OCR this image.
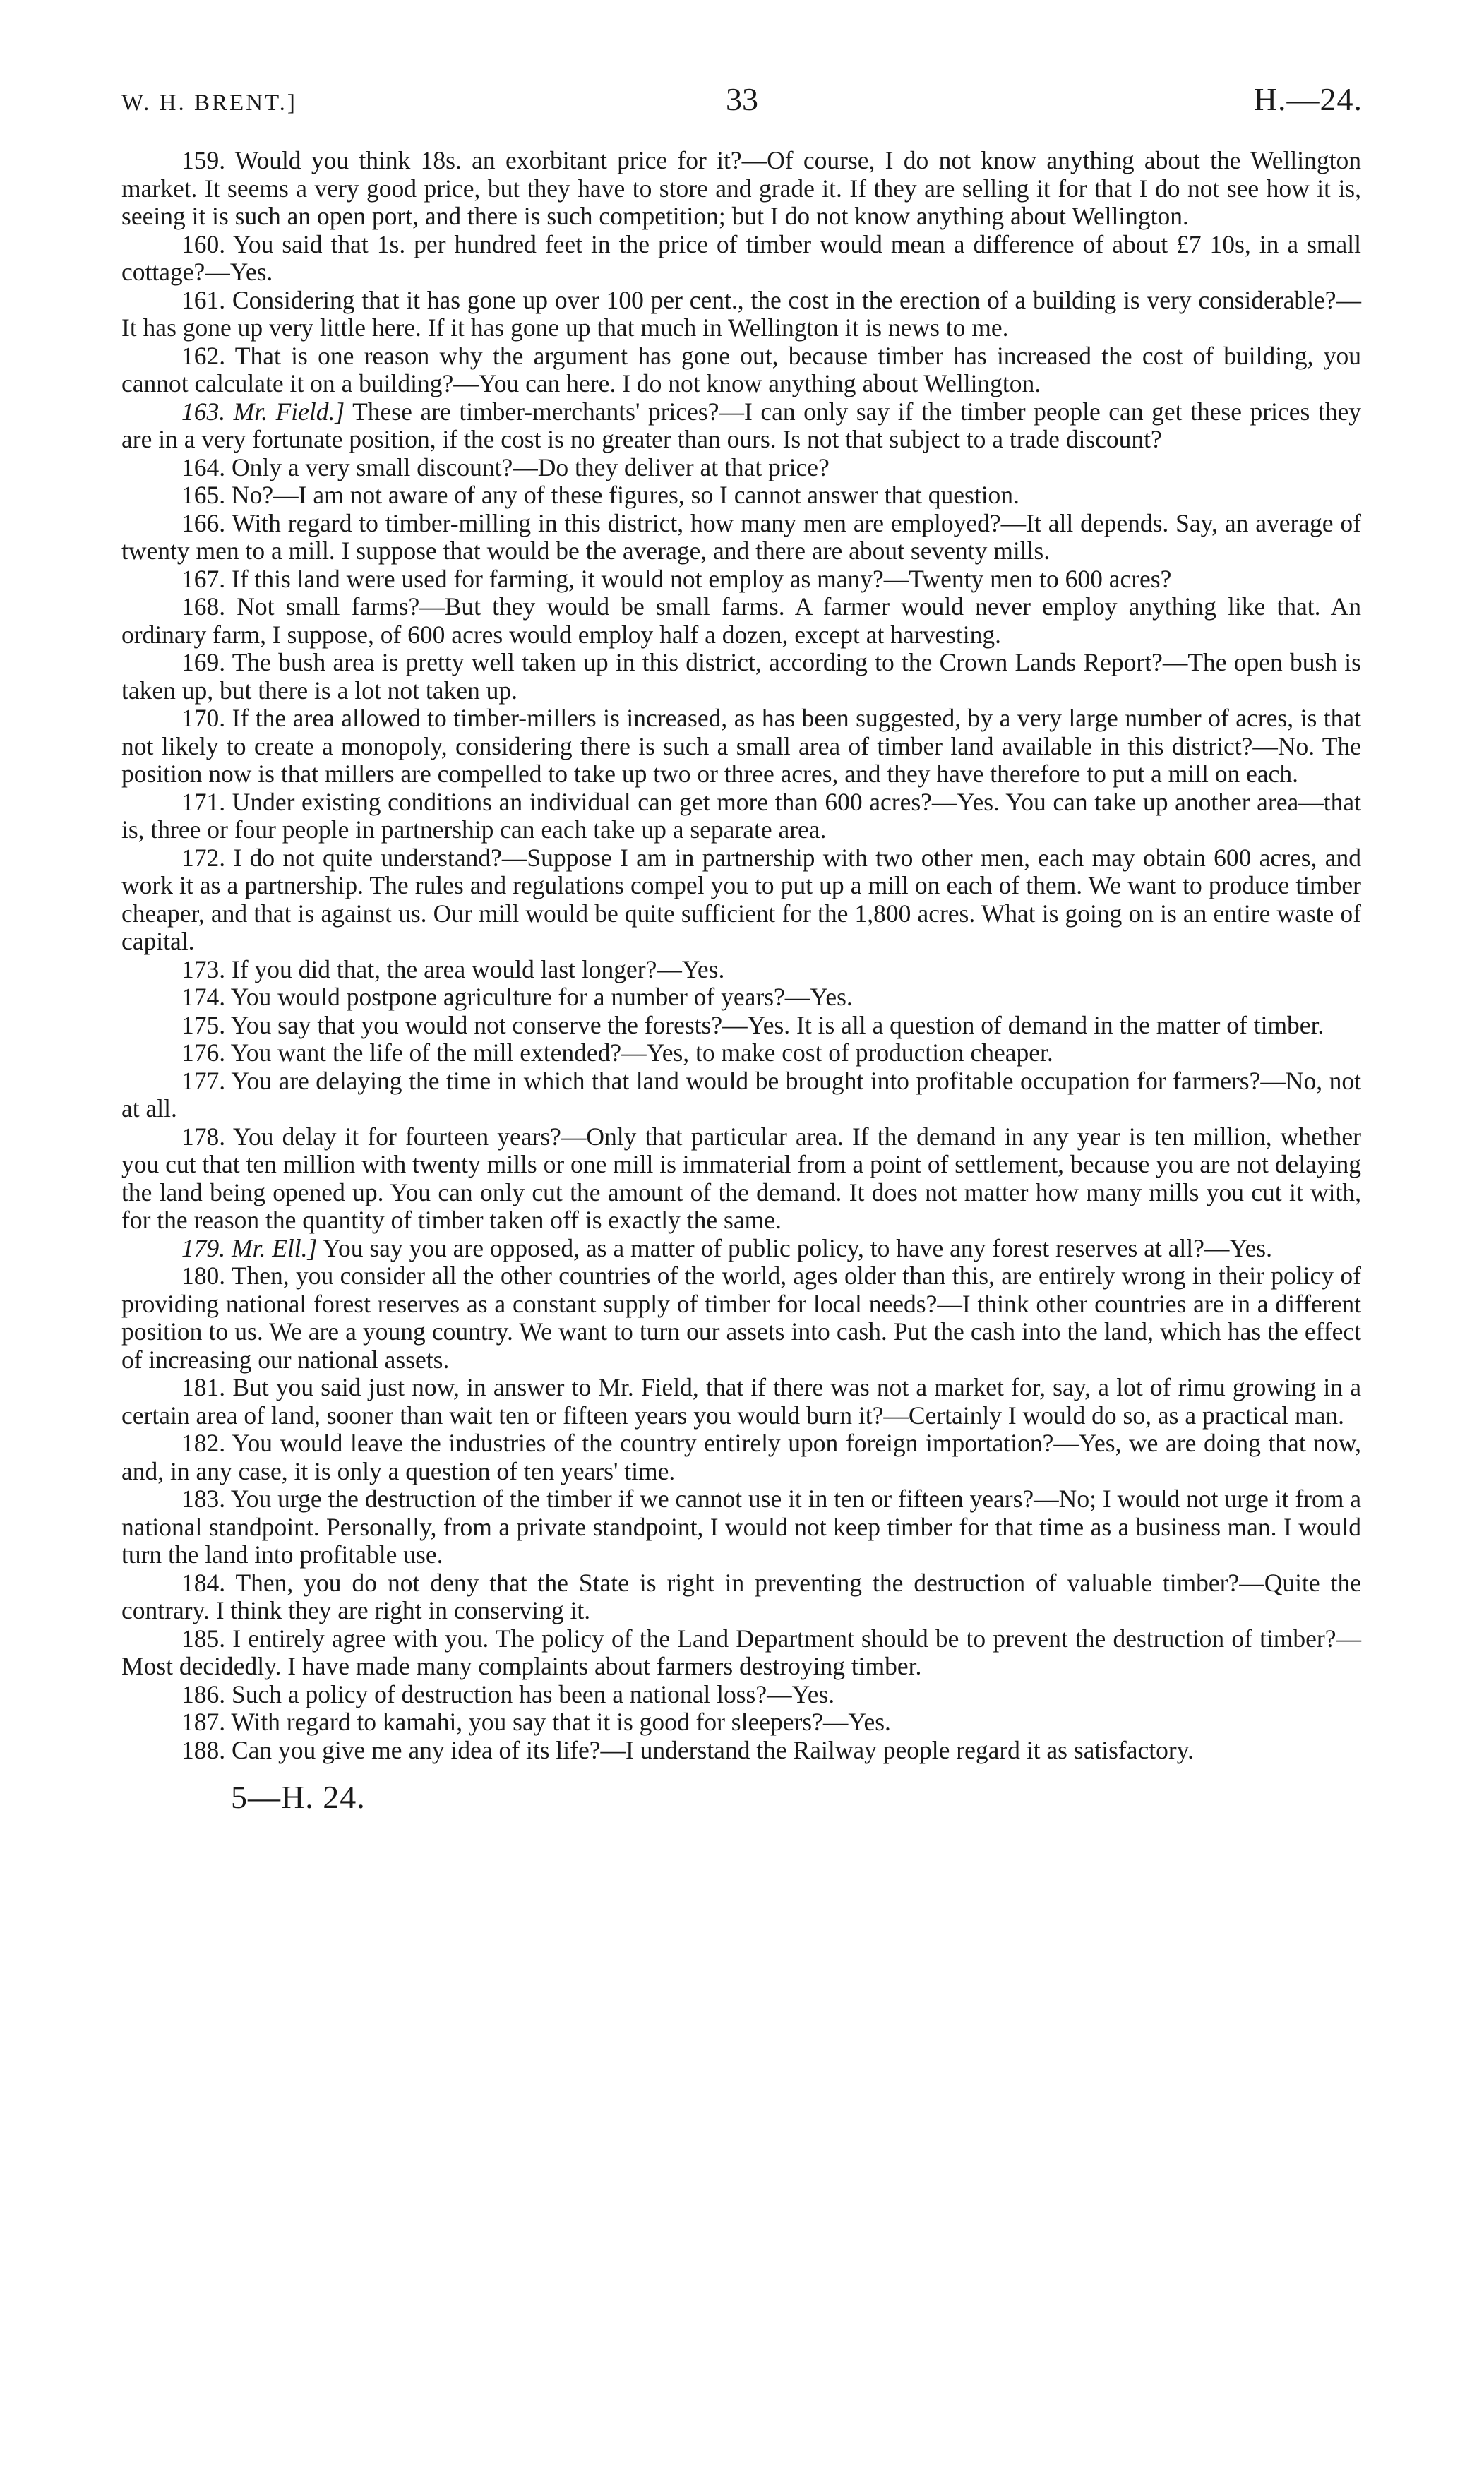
W. H. BRENT.]	33	H.—24.

159. Would you think 18s. an exorbitant price for it?—Of course, I do not know anything about the Wellington market. It seems a very good price, but they have to store and grade it. If they are selling it for that I do not see how it is, seeing it is such an open port, and there is such competition; but I do not know anything about Wellington.

160. You said that 1s. per hundred feet in the price of timber would mean a difference of about £7 10s, in a small cottage?—Yes.

161. Considering that it has gone up over 100 per cent., the cost in the erection of a building is very considerable?—It has gone up very little here. If it has gone up that much in Wellington it is news to me.

162. That is one reason why the argument has gone out, because timber has increased the cost of building, you cannot calculate it on a building?—You can here. I do not know anything about Wellington.

163. Mr. Field.] These are timber-merchants' prices?—I can only say if the timber people can get these prices they are in a very fortunate position, if the cost is no greater than ours. Is not that subject to a trade discount?

164. Only a very small discount?—Do they deliver at that price?

165. No?—I am not aware of any of these figures, so I cannot answer that question.

166. With regard to timber-milling in this district, how many men are employed?—It all depends. Say, an average of twenty men to a mill. I suppose that would be the average, and there are about seventy mills.

167. If this land were used for farming, it would not employ as many?—Twenty men to 600 acres?

168. Not small farms?—But they would be small farms. A farmer would never employ anything like that. An ordinary farm, I suppose, of 600 acres would employ half a dozen, except at harvesting.

169. The bush area is pretty well taken up in this district, according to the Crown Lands Report?—The open bush is taken up, but there is a lot not taken up.

170. If the area allowed to timber-millers is increased, as has been suggested, by a very large number of acres, is that not likely to create a monopoly, considering there is such a small area of timber land available in this district?—No. The position now is that millers are compelled to take up two or three acres, and they have therefore to put a mill on each.

171. Under existing conditions an individual can get more than 600 acres?—Yes. You can take up another area—that is, three or four people in partnership can each take up a separate area.

172. I do not quite understand?—Suppose I am in partnership with two other men, each may obtain 600 acres, and work it as a partnership. The rules and regulations compel you to put up a mill on each of them. We want to produce timber cheaper, and that is against us. Our mill would be quite sufficient for the 1,800 acres. What is going on is an entire waste of capital.

173. If you did that, the area would last longer?—Yes.

174. You would postpone agriculture for a number of years?—Yes.

175. You say that you would not conserve the forests?—Yes. It is all a question of demand in the matter of timber.

176. You want the life of the mill extended?—Yes, to make cost of production cheaper.

177. You are delaying the time in which that land would be brought into profitable occupation for farmers?—No, not at all.

178. You delay it for fourteen years?—Only that particular area. If the demand in any year is ten million, whether you cut that ten million with twenty mills or one mill is immaterial from a point of settlement, because you are not delaying the land being opened up. You can only cut the amount of the demand. It does not matter how many mills you cut it with, for the reason the quantity of timber taken off is exactly the same.

179. Mr. Ell.] You say you are opposed, as a matter of public policy, to have any forest reserves at all?—Yes.

180. Then, you consider all the other countries of the world, ages older than this, are entirely wrong in their policy of providing national forest reserves as a constant supply of timber for local needs?—I think other countries are in a different position to us. We are a young country. We want to turn our assets into cash. Put the cash into the land, which has the effect of increasing our national assets.

181. But you said just now, in answer to Mr. Field, that if there was not a market for, say, a lot of rimu growing in a certain area of land, sooner than wait ten or fifteen years you would burn it?—Certainly I would do so, as a practical man.

182. You would leave the industries of the country entirely upon foreign importation?—Yes, we are doing that now, and, in any case, it is only a question of ten years' time.

183. You urge the destruction of the timber if we cannot use it in ten or fifteen years?—No; I would not urge it from a national standpoint. Personally, from a private standpoint, I would not keep timber for that time as a business man. I would turn the land into profitable use.

184. Then, you do not deny that the State is right in preventing the destruction of valuable timber?—Quite the contrary. I think they are right in conserving it.

185. I entirely agree with you. The policy of the Land Department should be to prevent the destruction of timber?—Most decidedly. I have made many complaints about farmers destroying timber.

186. Such a policy of destruction has been a national loss?—Yes.

187. With regard to kamahi, you say that it is good for sleepers?—Yes.

188. Can you give me any idea of its life?—I understand the Railway people regard it as satisfactory.

5—H. 24.
